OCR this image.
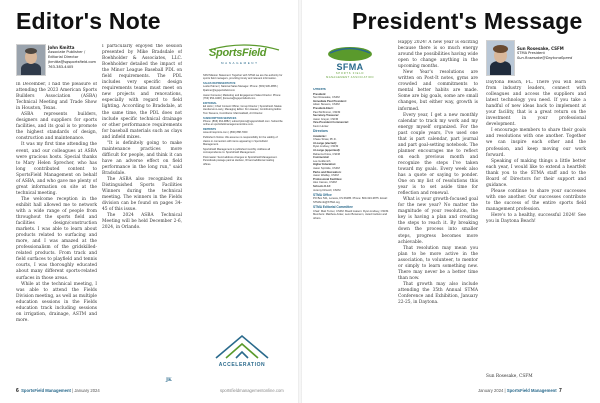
Editor's Note
John Kmitta
Associate Publisher /
Editorial Director
jkmitta@sgsportsfield.com
763-383-4405

In December, I had the pleasure of attending the 2023 American Sports Builders Association (ASBA) Technical Meeting and Trade Show in Houston, Texas.

ASBA represents builders, designers and suppliers for sports facilities, and its goal is to promote the highest standards of design, construction and maintenance.

It was my first time attending the event, and our colleagues at ASBA were gracious hosts. Special thanks to Mary Helen Sprecher, who has long contributed content to SportsField Management on behalf of ASBA, and who gave me plenty of great information on site at the technical meeting.

The welcome reception in the exhibit hall allowed me to network with a wide range of people from throughout the sports field and facilities design/construction markets. I was able to learn about products related to surfacing and more, and I was amazed at the professionalism of the gridskilled-related products. From track and field surfaces to playfield and tennis courts, I was thoroughly educated about many different sports-related surfaces in those areas.

While at the technical meeting, I was able to attend the Fields Division meeting, as well as multiple education sessions in the Fields education track including sessions on irrigation, drainage, ASTM and more.

I particularly enjoyed the session presented by Mike Bradsdale of Boehholder & Associates, LLC. Boehholder detailed the impact of the Minor League Baseball PDL on field requirements. The PDL includes very specific design requirements teams must meet on new projects and renovations, especially with regard to field lighting. According to Bradsdale, at the same time, the PDL does not include specific technical drainage or other performance requirements for baseball materials such as clays and infield mixes.

"It is definitely going to make maintenance practices more difficult for people, and think it can have an adverse effect on field performance in the long run," said Bradsdale.

The ASBA also recognized its Distinguished Sports Facilities Winners during the technical meeting. The winners in the Fields division can be found on pages 34-45 of this issue.

The 2024 ASBA Technical Meeting will be held December 2-6, 2024, in Orlando.

JK
SportsField
MANAGEMENT
SFM Mission Statement: Together with STMA we are the authority for sports field managers, providing timely and relevant information.
SALES REPRESENTATIVE
Leslie Palmer | National Sales Manager. Phone: (503) 936-4856 | lfpalmer@sgsportsfield.com
Jason Fonseca | Marketing and Engagement Sales Director. Phone: (763) 954-4448 | jfonseca@sgsportsfield.com
EDITORIAL
Ed Holm | Chief Content Officer, Group Director | SportsField. Maisie Henderson-Lowry, Managing Editor. Kim Hauser, Contributing Editor. Tom Stevens, Contributor. Matt Hatfield, Art Director.
SUBSCRIPTION SERVICES
Phone: (866) 364-9882 | subscriptions@sgsportsfield.com. Subscribe online at sportsfieldmanagementonline.com.
REPRINTS
www.sfmreprints.com | (800) 888-7000
Publisher's Notice: We assume no responsibility for the validity of claims in connection with items appearing in SportsField Management.
SportsField Management is published monthly. Address all correspondence to: SportsField Management.
Postmaster: Send address changes to SportsField Management. Periodicals postage paid at Hudson, WI and additional mailing offices.
ACCELERATION
6 SportsField Management | January 2024	sportsfieldmanagementonline.com
President's Message
SFMA
SPORTS FIELD
MANAGEMENT ASSOCIATION
Officers
President:
Sun Rosesake, CSFM
Immediate Past President:
Adam Stevens, CSFM
President-Elect:
Paul McKinnon, CSFM
Secretary-Treasurer:
Jason Greyer, CSFM
Vice-President Commercial:
Kevin Hunter
Directors
Academic:
Chase Straw, Ph.D.
At-Large (elected):
Ryan Lindsey, CSFM
At-Large (appointed):
Rebecca Kniss, CSFM
Commercial:
Lee Goldsmith
Higher Education:
Jason Sprinkle, CSFM
Parks and Recreation:
Jason Wadley, CSFM
Professional Facilities:
Alex Caruso, CSFM
Schools K-12:
Jeremy Driscoll, CSFM
STMA Office
PO Box 541, Lenexa, KS 66285. Phone: 800-323-3875. Email: STMAInfo@STMA.org
STMA Editorial Committee
Chair: Matt Turner, CSFM. Board Liaison: Ryan Lindsey, CSFM. Members: Matthew Anker, Leon Bowmenn, Jared Carlson and others.

Happy 2024! A new year is exciting because there is so much energy around the possibilities having wide open to change anything in the upcoming months.

New Year's resolutions are written on Post-It notes, gyms are crowded and commitments to mental better habits are made. Some are big goals, some are small changes, but either way, growth is informed.

Every year, I get a new monthly calendar to track my work and my energy myself organized. For the past couple years, I've used one that is part calendar, part journal and part goal-setting notebook. The planner encourages me to reflect on each previous month and recognize the steps I've taken toward my goals. Every week also has a quote or saying to ponder. One on my list of resolutions this year is to set aside time for reflection and renewal.

What is your growth-focused goal for the new year? No matter the magnitude of your resolution, the key is having a plan and creating the steps to reach it. By breaking down the process into smaller steps, progress becomes more achievable.

That resolution may mean you plan to be more active in the association, to volunteer, to mentor or simply to learn something new. There may never be a better time than now.

That growth may also include attending the 35th Annual STMA Conference and Exhibition, January 22-25, in Daytona.

Sun Rosesake, CSFM
STMA President
Sun.Rosesake@DaytonaSpeed

Daytona Beach, FL. There you will learn from industry leaders, connect with colleagues and access the suppliers and latest technology you need. If you take a handful of new ideas back to implement at your facility, that is a great return on the investment in your professional development.

I encourage members to share their goals and resolutions with one another. Together we can inspire each other and the profession, and keep moving our work forward.

Speaking of making things a little better each year, I would like to extend a heartfelt thank you to the STMA staff and to the Board of Directors for their support and guidance.

Please continue to share your successes with one another. Our successes contribute to the success of the entire sports field management profession.

Here's to a healthy, successful 2024! See you in Daytona Beach!

Sun Rosesake, CSFM
January 2024 | SportsField Management 7
